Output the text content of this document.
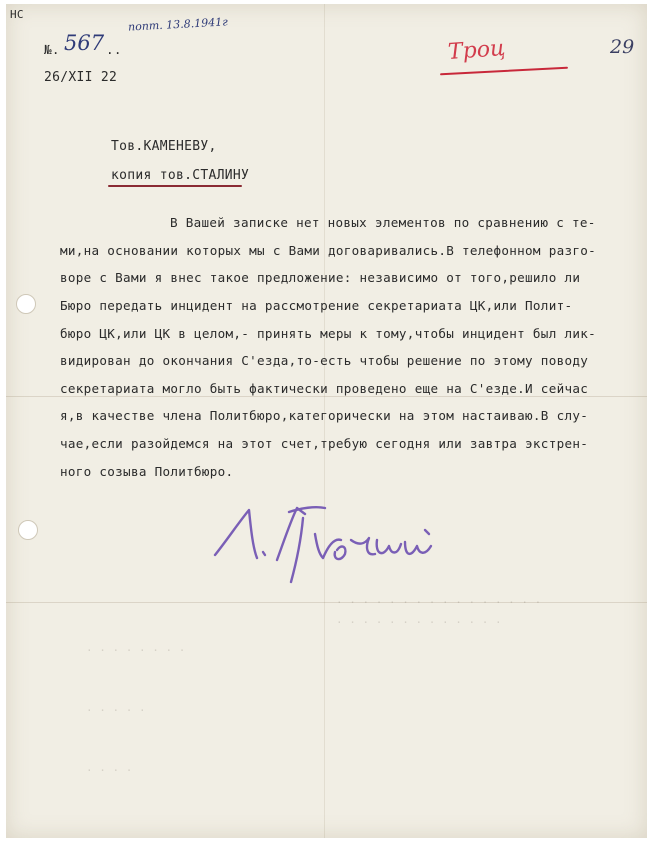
· · · · · · · · · · · · · · · ·
· · · · · · · · · · · · ·
· · · · · · · ·
· · · · ·
· · · ·
НС
29
попт. 13.8.1941г
Троц
№. 567 ..
26/XII 22
Тов.КАМЕНЕВУ,
копия тов.СТАЛИНУ
В Вашей записке нет новых элементов по сравнению с те-
ми,на основании которых мы с Вами договаривались.В телефонном разго-
воре с Вами я внес такое предложение: независимо от того,решило ли
Бюро передать инцидент на рассмотрение секретариата ЦК,или Полит-
бюро ЦК,или ЦК в целом,- принять меры к тому,чтобы инцидент был лик-
видирован до окончания С'езда,то-есть чтобы решение по этому поводу
секретариата могло быть фактически проведено еще на С'езде.И сейчас
я,в качестве члена Политбюро,категорически на этом настаиваю.В слу-
чае,если разойдемся на этот счет,требую сегодня или завтра экстрен-
ного созыва Политбюро.
